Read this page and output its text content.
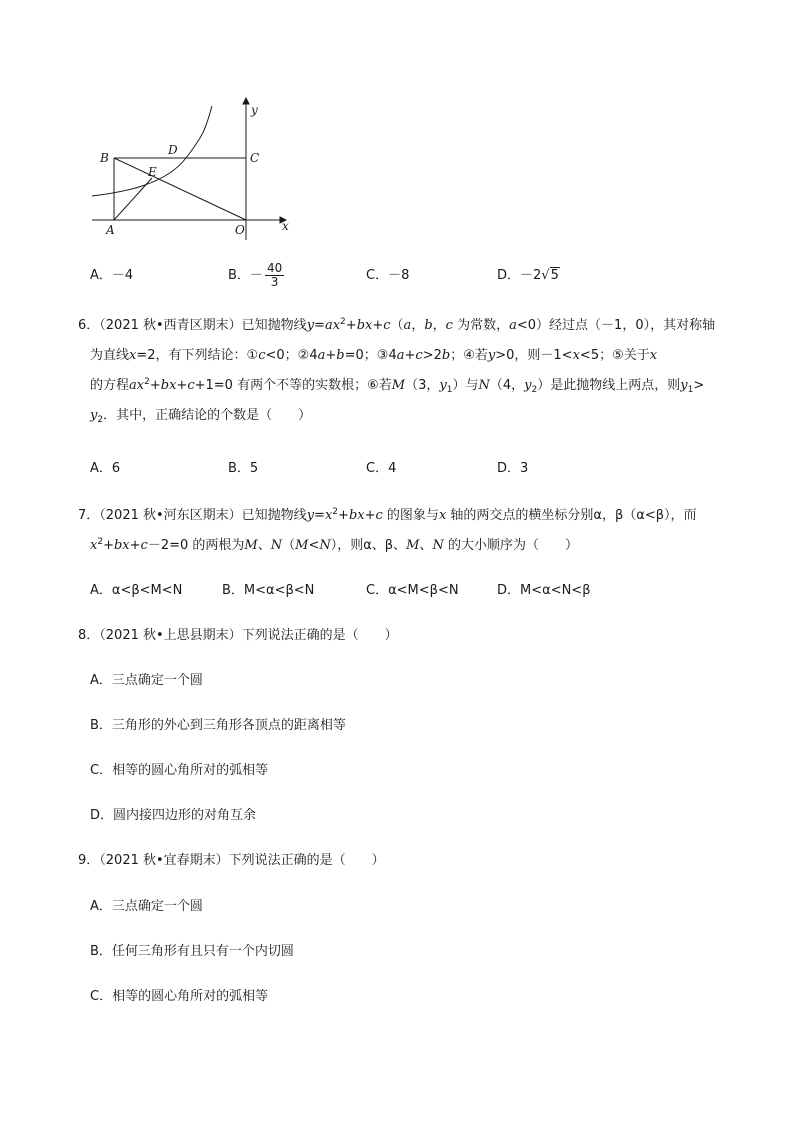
y
x
B
D
C
E
A	O
A．－4	B．－ $\frac{40}{3}$	C．－8	D．－2√5
6．（2021 秋•西青区期末）已知抛物线$y=ax^2+bx+c(a$，b，c 为常数，a<0）经过点（－1，0），其对称轴
为直线x=2，有下列结论：①c<0；②4a+b=0；③4a+c>2b；④若y>0，则－1<x<5；⑤关于x
的方程$ax^2+bx+c+1=0$ 有两个不等的实数根；⑥若M（3，$y_1$）与N（4，$y_2$）是此抛物线上两点，则$y_1>$
$y_2$．其中，正确结论的个数是（　　）
A．6	B．5	C．4	D．3
7．（2021 秋•河东区期末）已知抛物线$y=x^2+bx+c$ 的图象与x 轴的两交点的横坐标分别α，β（α<β），而
$x^2+bx+c-2=0$ 的两根为M、N（M<N），则α、β、M、N 的大小顺序为（　　）
A．α<β<M<N	B．M<α<β<N	C．α<M<β<N	D．M<α<N<β
8．（2021 秋•上思县期末）下列说法正确的是（　　）
A．三点确定一个圆
B．三角形的外心到三角形各顶点的距离相等
C．相等的圆心角所对的弧相等
D．圆内接四边形的对角互余
9．（2021 秋•宜春期末）下列说法正确的是（　　）
A．三点确定一个圆
B．任何三角形有且只有一个内切圆
C．相等的圆心角所对的弧相等
